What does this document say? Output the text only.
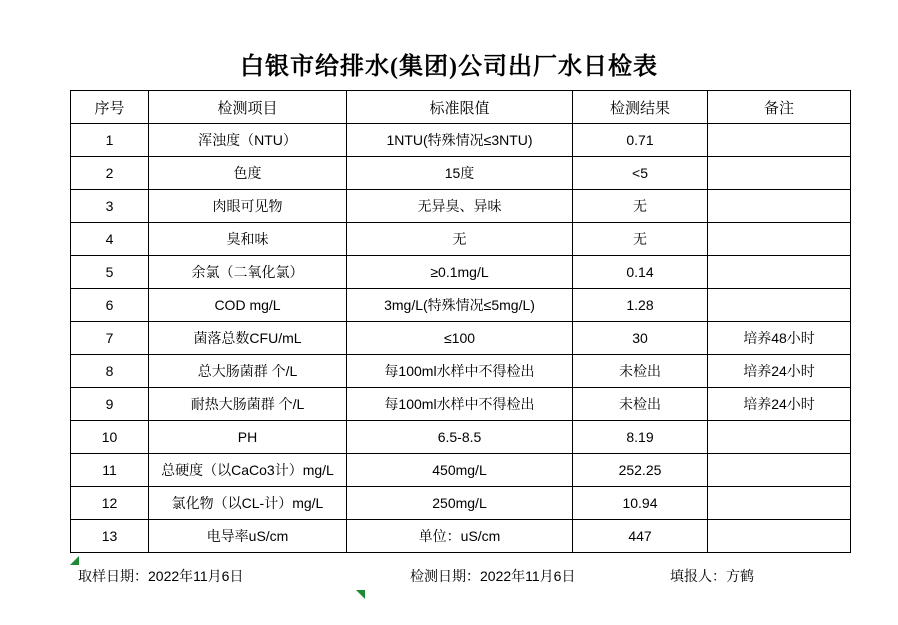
白银市给排水(集团)公司出厂水日检表
序号	检测项目	标准限值	检测结果	备注
1	浑浊度（NTU）	1NTU(特殊情况≤3NTU)	0.71	
2	色度	15度	<5	
3	肉眼可见物	无异臭、异味	无	
4	臭和味	无	无	
5	余氯（二氧化氯）	≥0.1mg/L	0.14	
6	COD mg/L	3mg/L(特殊情况≤5mg/L)	1.28	
7	菌落总数CFU/mL	≤100	30	培养48小时
8	总大肠菌群 个/L	每100ml水样中不得检出	未检出	培养24小时
9	耐热大肠菌群 个/L	每100ml水样中不得检出	未检出	培养24小时
10	PH	6.5-8.5	8.19	
11	总硬度（以CaCo3计）mg/L	450mg/L	252.25	
12	氯化物（以CL-计）mg/L	250mg/L	10.94	
13	电导率uS/cm	单位：uS/cm	447	
取样日期：2022年11月6日	检测日期：2022年11月6日	填报人：方鹤
